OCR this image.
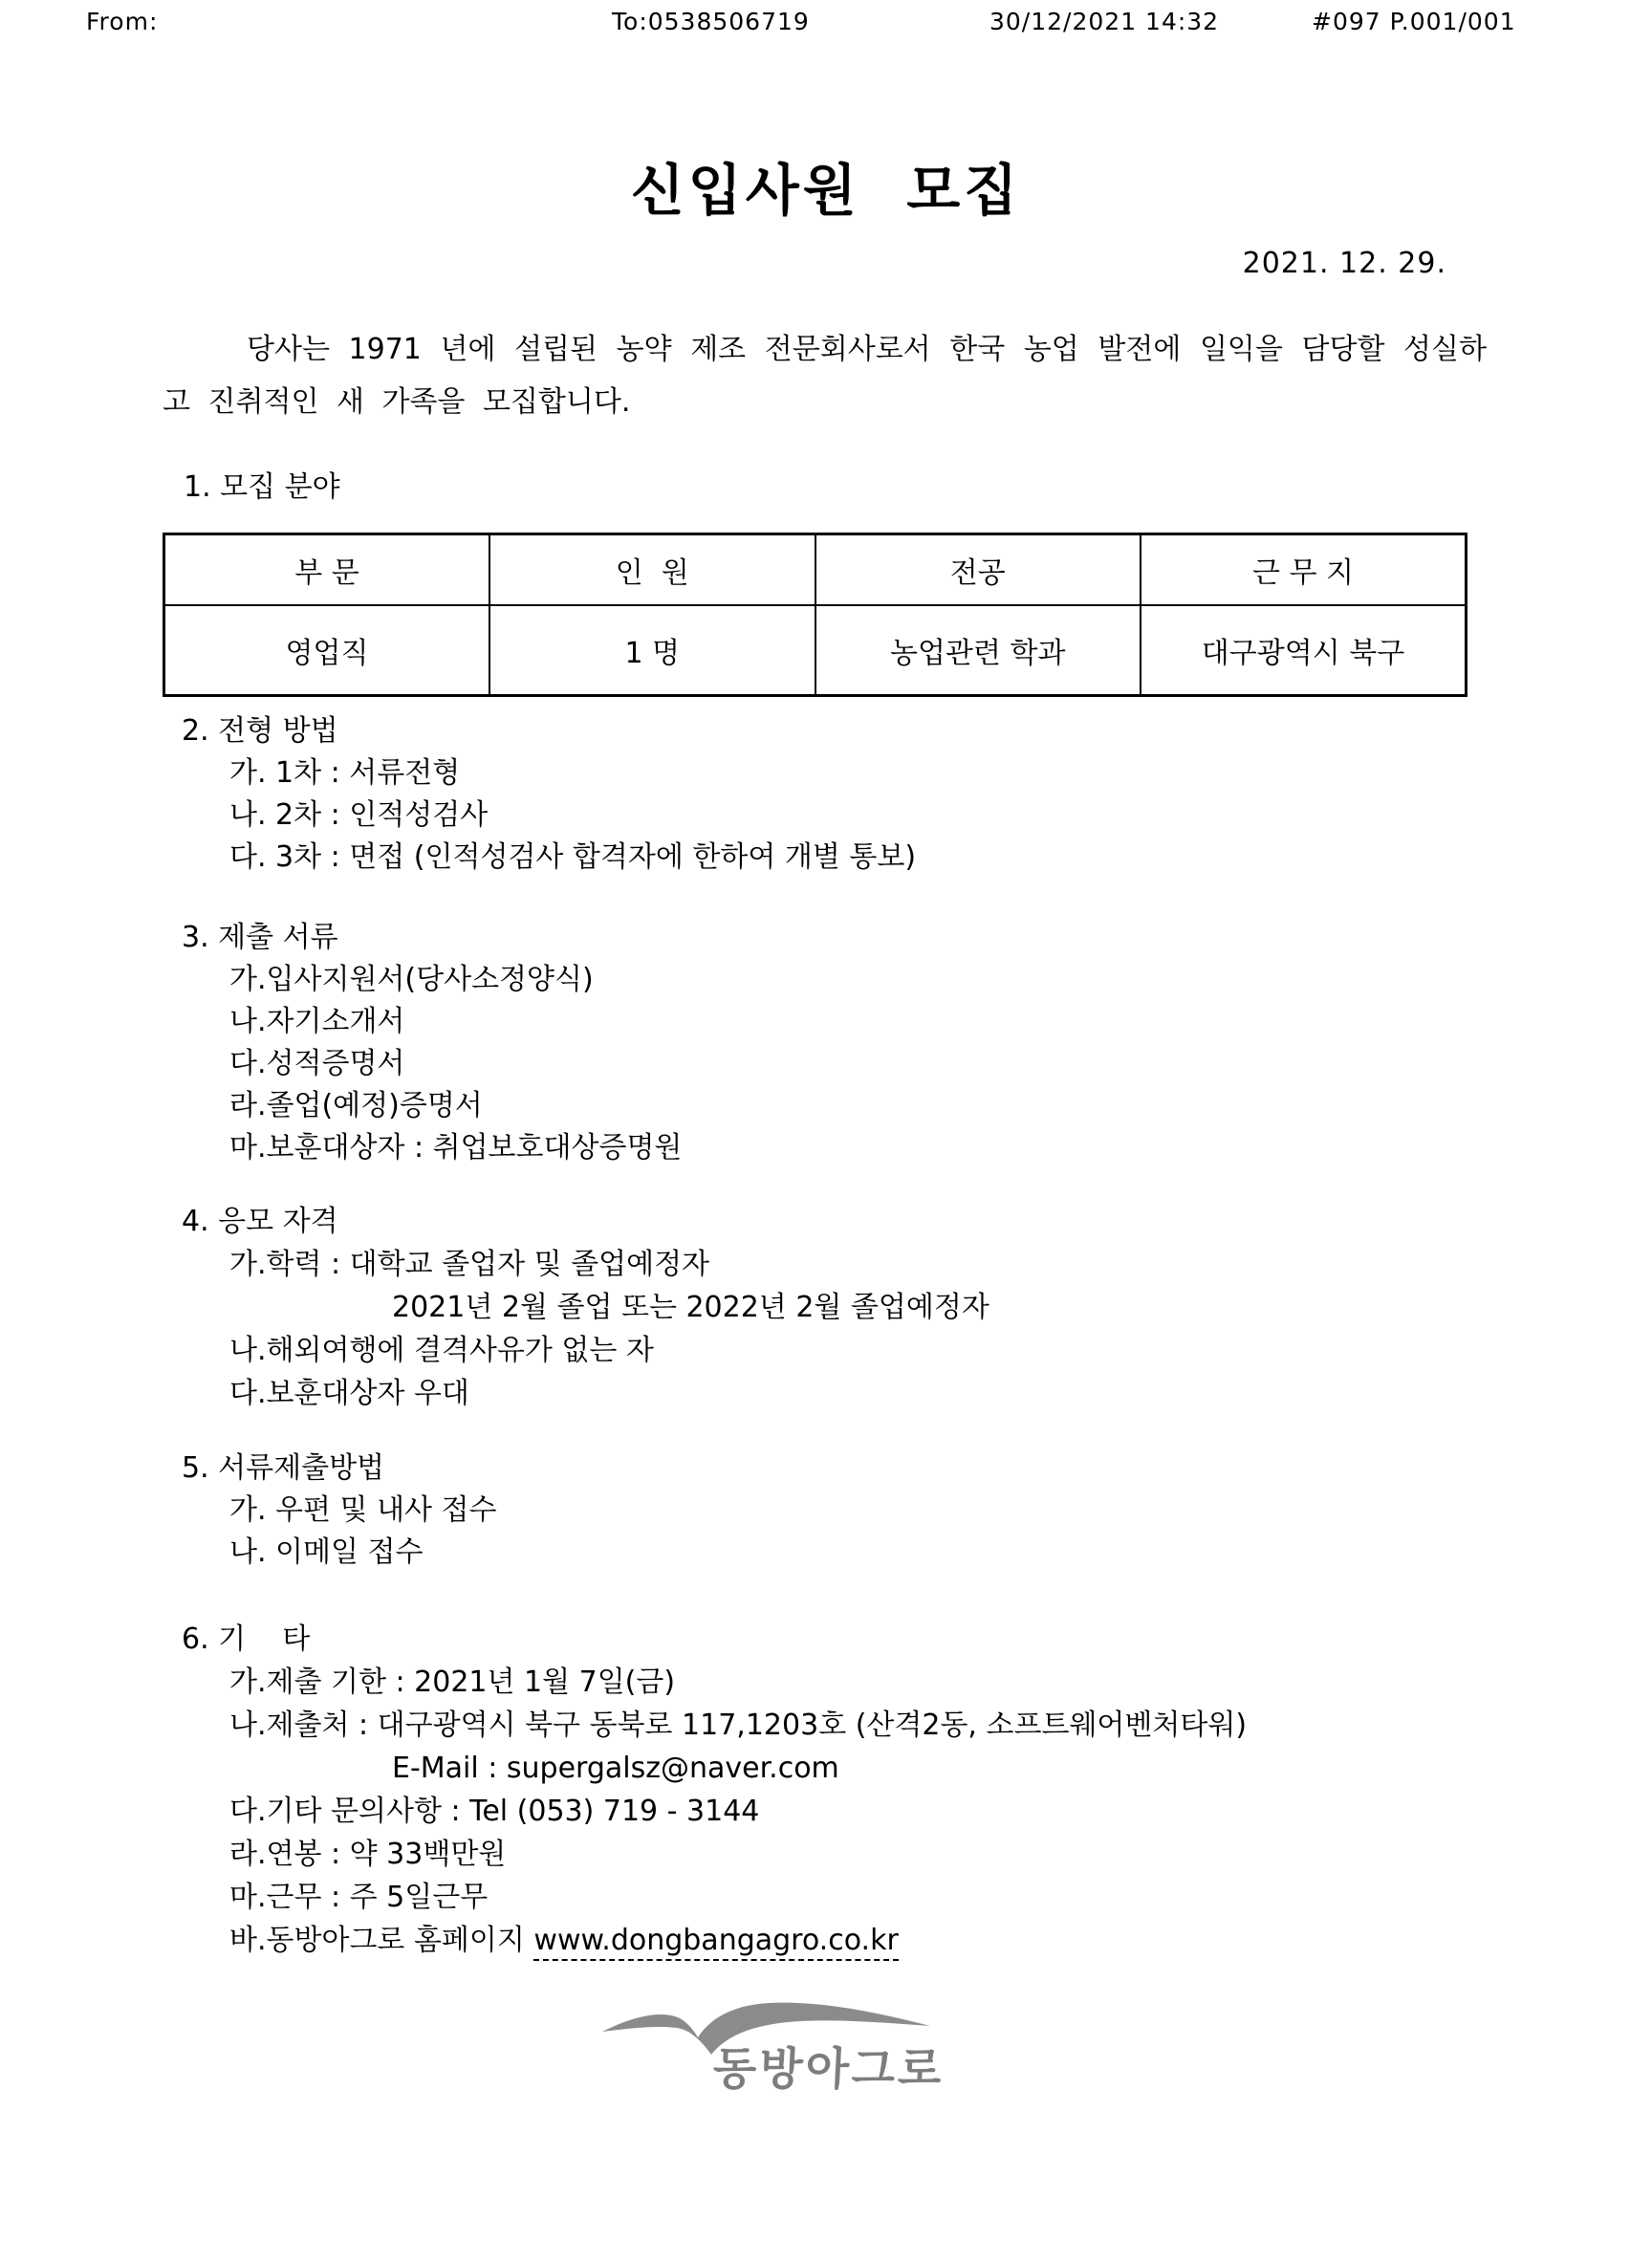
From:	To:0538506719	30/12/2021 14:32	#097 P.001/001
신입사원  모집
2021. 12. 29.

당사는 1971 년에 설립된 농약 제조 전문회사로서 한국 농업 발전에 일익을 담당할 성실하고 진취적인 새 가족을 모집합니다.

1. 모집 분야
부 문	인  원	전공	근 무 지
영업직	1 명	농업관련 학과	대구광역시 북구
2. 전형 방법
가. 1차 : 서류전형
나. 2차 : 인적성검사
다. 3차 : 면접 (인적성검사 합격자에 한하여 개별 통보)
3. 제출 서류
가.입사지원서(당사소정양식)
나.자기소개서
다.성적증명서
라.졸업(예정)증명서
마.보훈대상자 : 취업보호대상증명원
4. 응모 자격
가.학력 : 대학교 졸업자 및 졸업예정자
2021년 2월 졸업 또는 2022년 2월 졸업예정자
나.해외여행에 결격사유가 없는 자
다.보훈대상자 우대
5. 서류제출방법
가. 우편 및 내사 접수
나. 이메일 접수
6. 기    타
가.제출 기한 : 2021년 1월 7일(금)
나.제출처 : 대구광역시 북구 동북로 117,1203호 (산격2동, 소프트웨어벤처타워)
E-Mail : supergalsz@naver.com
다.기타 문의사항 : Tel (053) 719 - 3144
라.연봉 : 약 33백만원
마.근무 : 주 5일근무
바.동방아그로 홈페이지 www.dongbangagro.co.kr
동방아그로
